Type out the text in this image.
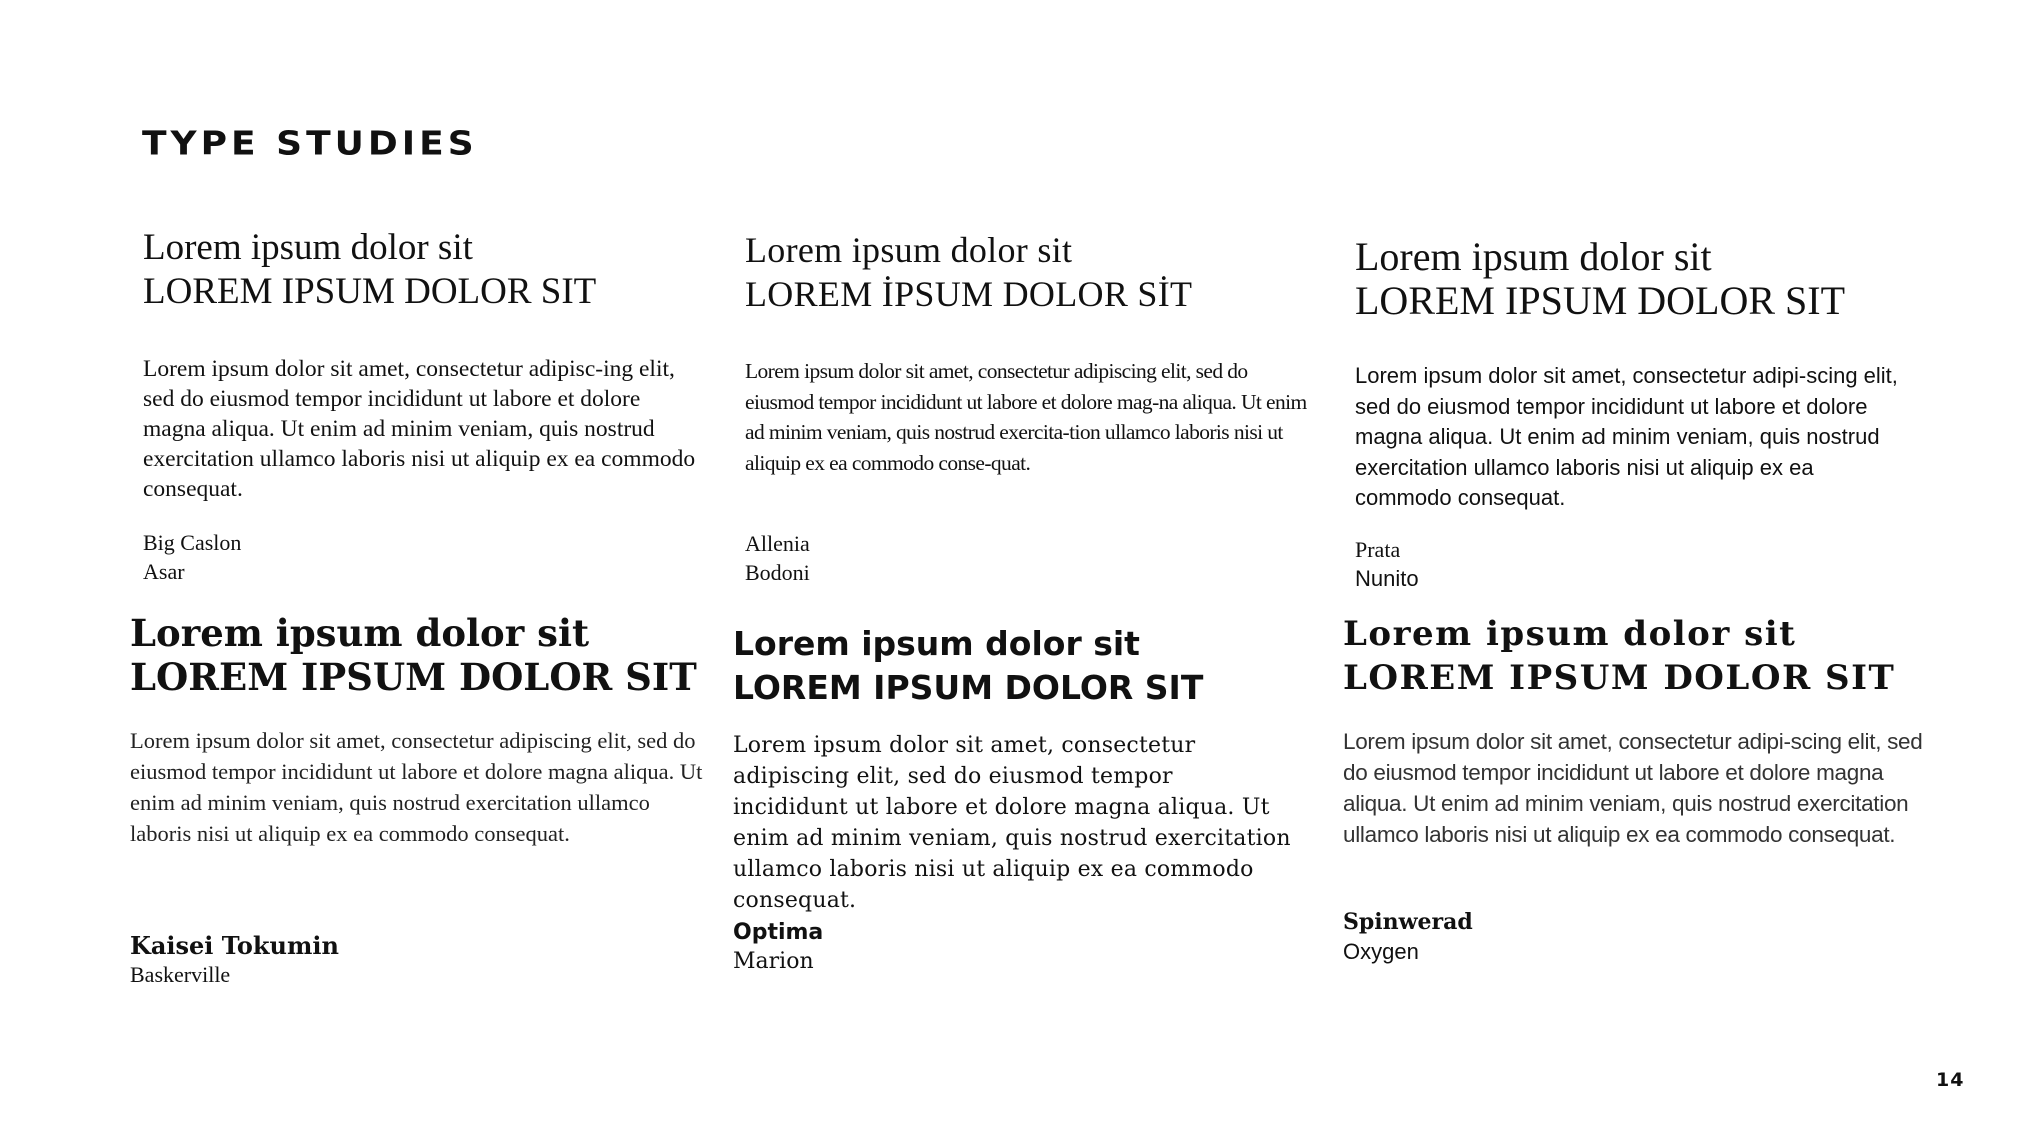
TYPE STUDIES
Lorem ipsum dolor sit
LOREM IPSUM DOLOR SIT

Lorem ipsum dolor sit amet, consectetur adipisc-ing elit, sed do eiusmod tempor incididunt ut labore et dolore magna aliqua. Ut enim ad minim veniam, quis nostrud exercitation ullamco laboris nisi ut aliquip ex ea commodo consequat.

Big Caslon
Asar
Lorem ipsum dolor sit
LOREM İPSUM DOLOR SİT

Lorem ipsum dolor sit amet, consectetur adipiscing elit, sed do eiusmod tempor incididunt ut labore et dolore mag-na aliqua. Ut enim ad minim veniam, quis nostrud exercita-tion ullamco laboris nisi ut aliquip ex ea commodo conse-quat.

Allenia
Bodoni
Lorem ipsum dolor sit
LOREM IPSUM DOLOR SIT

Lorem ipsum dolor sit amet, consectetur adipi-scing elit, sed do eiusmod tempor incididunt ut labore et dolore magna aliqua. Ut enim ad minim veniam, quis nostrud exercitation ullamco laboris nisi ut aliquip ex ea commodo consequat.

Prata
Nunito
Lorem ipsum dolor sit
LOREM IPSUM DOLOR SIT

Lorem ipsum dolor sit amet, consectetur adipiscing elit, sed do eiusmod tempor incididunt ut labore et dolore magna aliqua. Ut enim ad minim veniam, quis nostrud exercitation ullamco laboris nisi ut aliquip ex ea commodo consequat.

Kaisei Tokumin
Baskerville
Lorem ipsum dolor sit
LOREM IPSUM DOLOR SIT

Lorem ipsum dolor sit amet, consectetur adipiscing elit, sed do eiusmod tempor incididunt ut labore et dolore magna aliqua. Ut enim ad minim veniam, quis nostrud exercitation ullamco laboris nisi ut aliquip ex ea commodo consequat.

Optima
Marion
Lorem ipsum dolor sit
LOREM IPSUM DOLOR SIT

Lorem ipsum dolor sit amet, consectetur adipi-scing elit, sed do eiusmod tempor incididunt ut labore et dolore magna aliqua. Ut enim ad minim veniam, quis nostrud exercitation ullamco laboris nisi ut aliquip ex ea commodo consequat.

Spinwerad
Oxygen
14
